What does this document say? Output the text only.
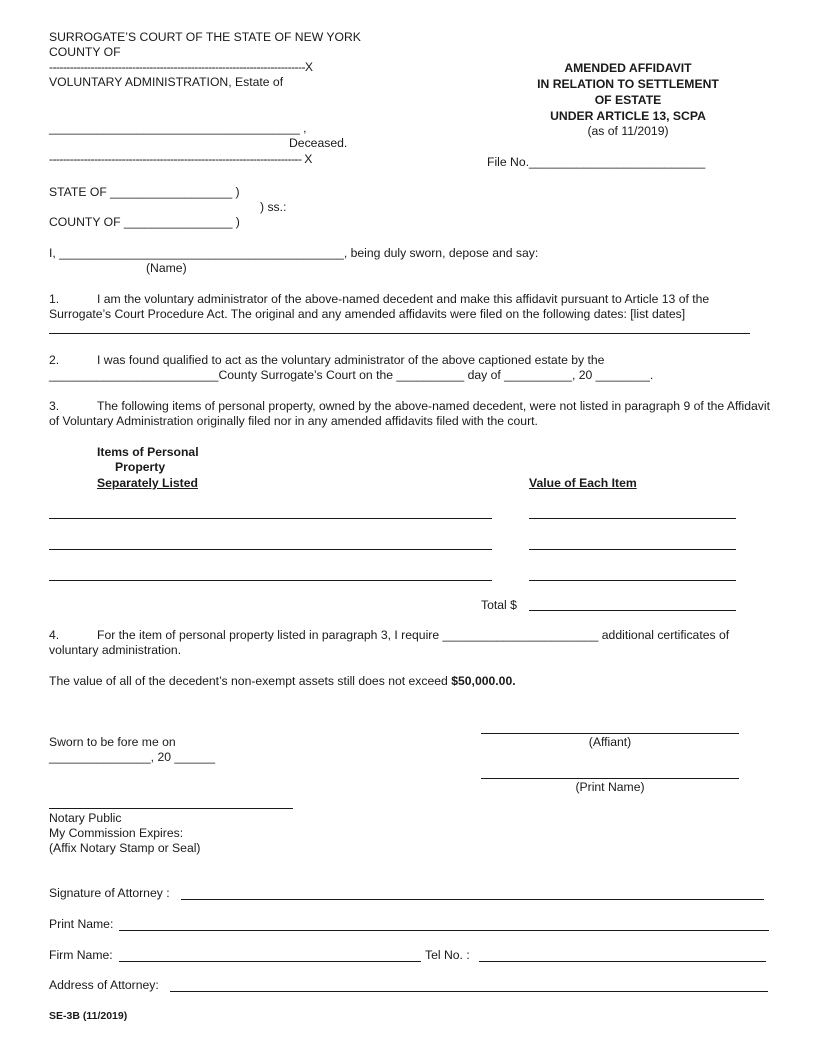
SURROGATE’S COURT OF THE STATE OF NEW YORK
COUNTY OF
--------------------------------------------------------------------------X
VOLUNTARY ADMINISTRATION, Estate of
_____________________________________ ,
Deceased.
------------------------------------------------------------------------- X
AMENDED AFFIDAVIT
IN RELATION TO SETTLEMENT
OF ESTATE
UNDER ARTICLE 13, SCPA
(as of 11/2019)
File No.__________________________
STATE OF __________________ )
) ss.:
COUNTY OF ________________ )
I, __________________________________________, being duly sworn, depose and say:
(Name)
1.	I am the voluntary administrator of the above-named decedent and make this affidavit pursuant to Article 13 of the Surrogate’s Court Procedure Act. The original and any amended affidavits were filed on the following dates: [list dates]
2.	I was found qualified to act as the voluntary administrator of the above captioned estate by the
_________________________County Surrogate’s Court on the __________ day of __________, 20 ________.
3.	The following items of personal property, owned by the above-named decedent, were not listed in paragraph 9 of the Affidavit of Voluntary Administration originally filed nor in any amended affidavits filed with the court.
Items of Personal
Property
Separately Listed	Value of Each Item
Total $
4.	For the item of personal property listed in paragraph 3, I require _______________________ additional certificates of voluntary administration.
The value of all of the decedent’s non-exempt assets still does not exceed $50,000.00.
Sworn to be fore me on	(Affiant)
_______________, 20 ______
(Print Name)
Notary Public
My Commission Expires:
(Affix Notary Stamp or Seal)
Signature of Attorney :
Print Name:
Firm Name:	Tel No. :
Address of Attorney:
SE-3B (11/2019)
